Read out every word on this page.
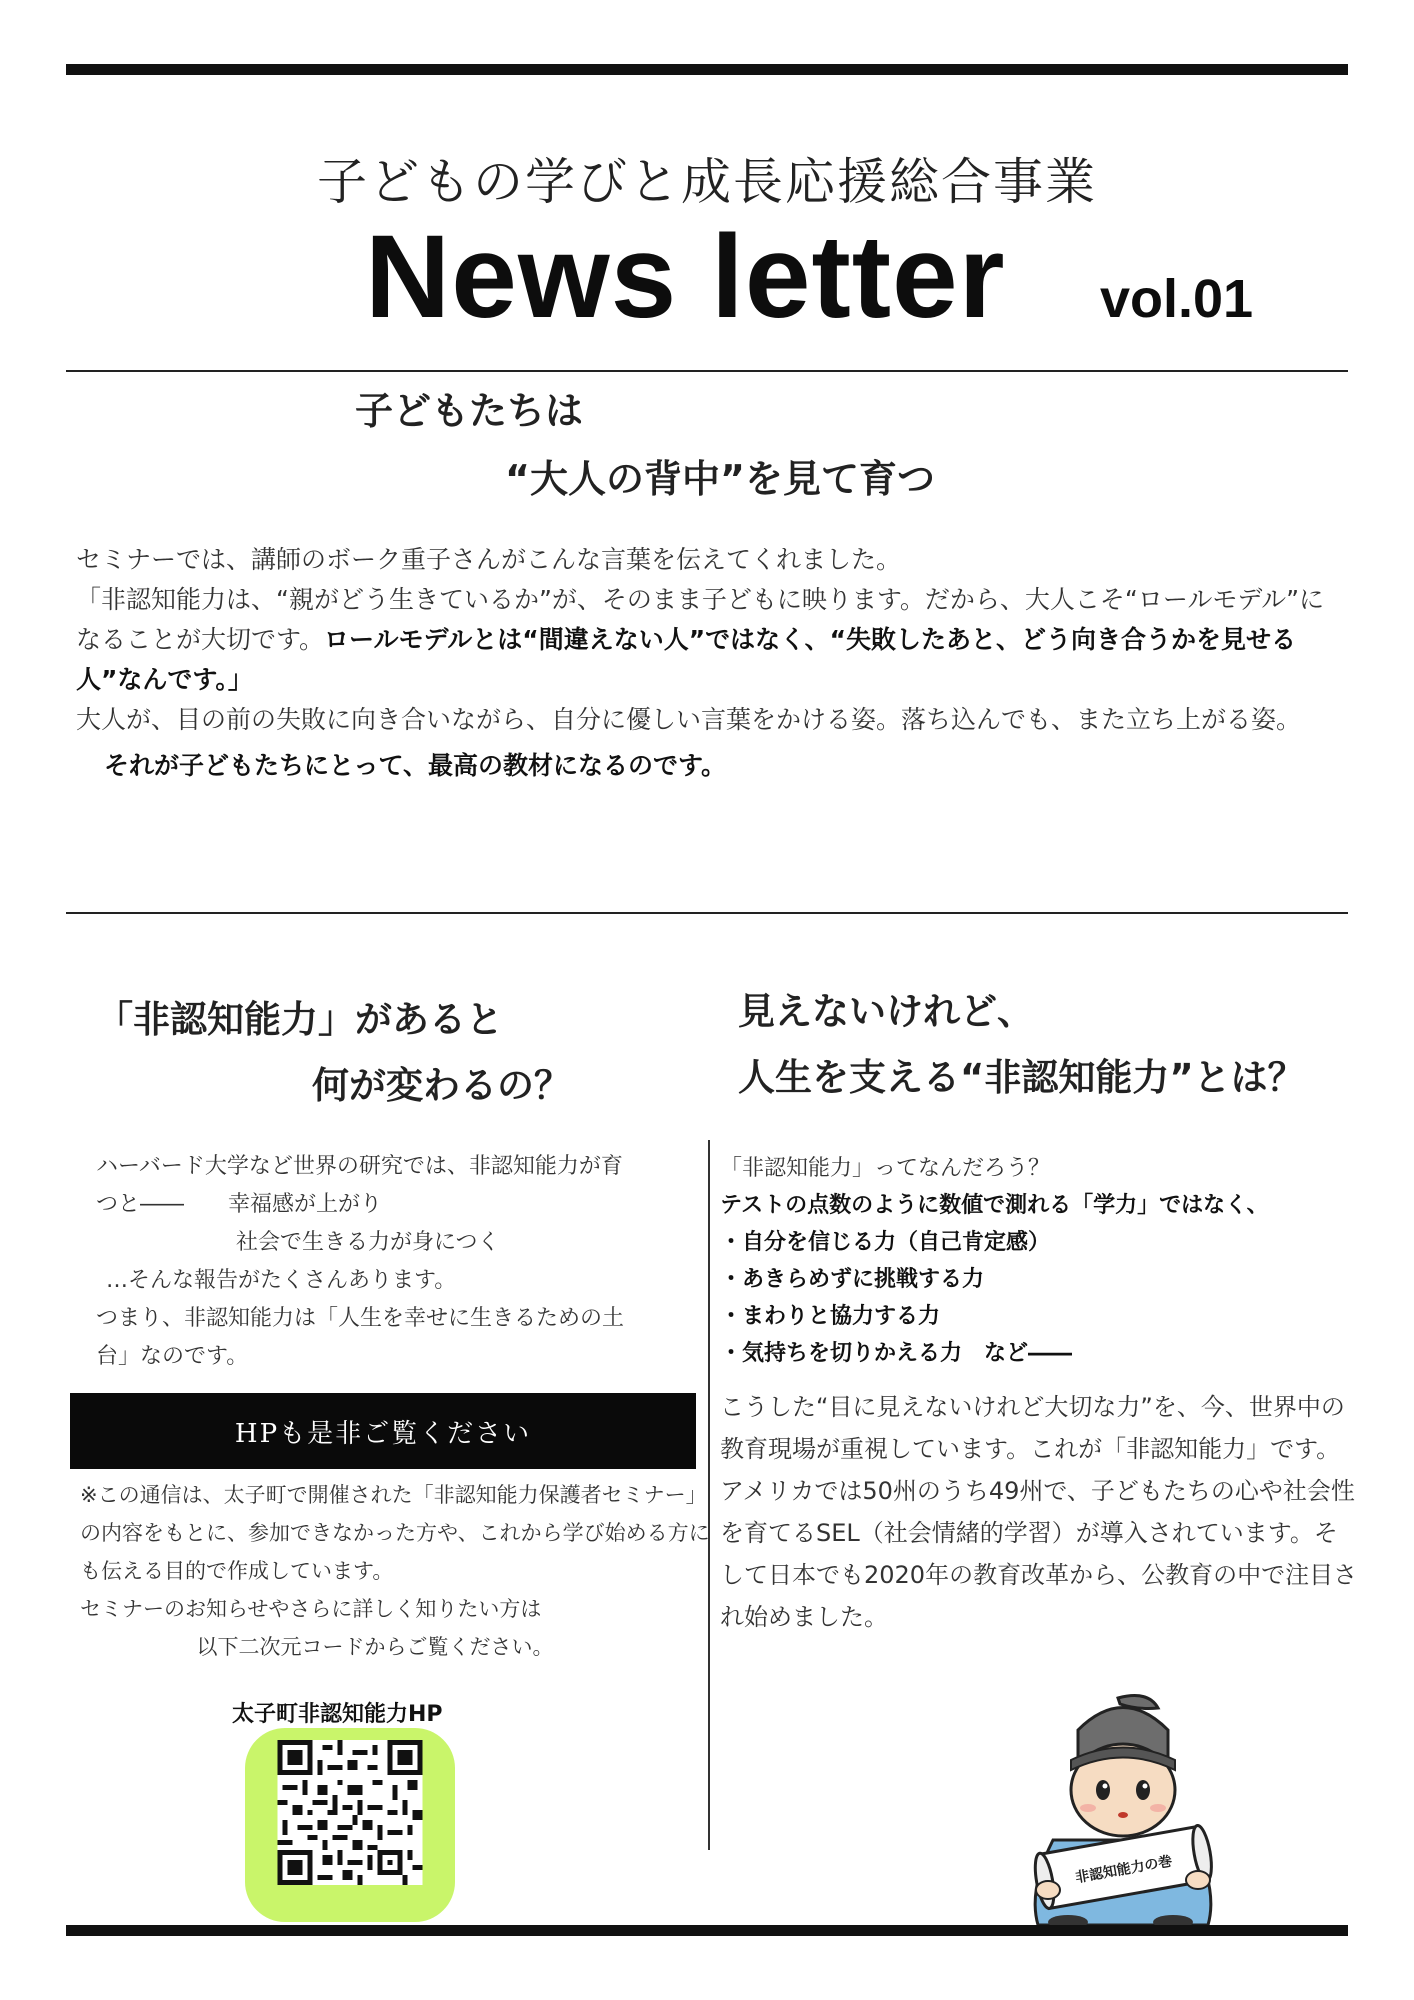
子どもの学びと成長応援総合事業
News letter vol.01
子どもたちは
“大人の背中”を見て育つ

セミナーでは、講師のボーク重子さんがこんな言葉を伝えてくれました。

「非認知能力は、“親がどう生きているか”が、そのまま子どもに映ります。だから、大人こそ“ロールモデル”になることが大切です。ロールモデルとは“間違えない人”ではなく、“失敗したあと、どう向き合うかを見せる人”なんです。」

大人が、目の前の失敗に向き合いながら、自分に優しい言葉をかける姿。落ち込んでも、また立ち上がる姿。

それが子どもたちにとって、最高の教材になるのです。

「非認知能力」があると
何が変わるの？
見えないけれど、
人生を支える“非認知能力”とは？

ハーバード大学など世界の研究では、非認知能力が育

つと――　　幸福感が上がり

社会で生きる力が身につく

…そんな報告がたくさんあります。

つまり、非認知能力は「人生を幸せに生きるための土

台」なのです。

HPも是非ご覧ください

※この通信は、太子町で開催された「非認知能力保護者セミナー」の内容をもとに、参加できなかった方や、これから学び始める方にも伝える目的で作成しています。

セミナーのお知らせやさらに詳しく知りたい方は

以下二次元コードからご覧ください。

太子町非認知能力HP

「非認知能力」ってなんだろう？

テストの点数のように数値で測れる「学力」ではなく、

・自分を信じる力（自己肯定感）

・あきらめずに挑戦する力

・まわりと協力する力

・気持ちを切りかえる力　など――

こうした“目に見えないけれど大切な力”を、今、世界中の教育現場が重視しています。これが「非認知能力」です。

アメリカでは50州のうち49州で、子どもたちの心や社会性を育てるSEL（社会情緒的学習）が導入されています。そして日本でも2020年の教育改革から、公教育の中で注目され始めました。

非認知能力の巻
